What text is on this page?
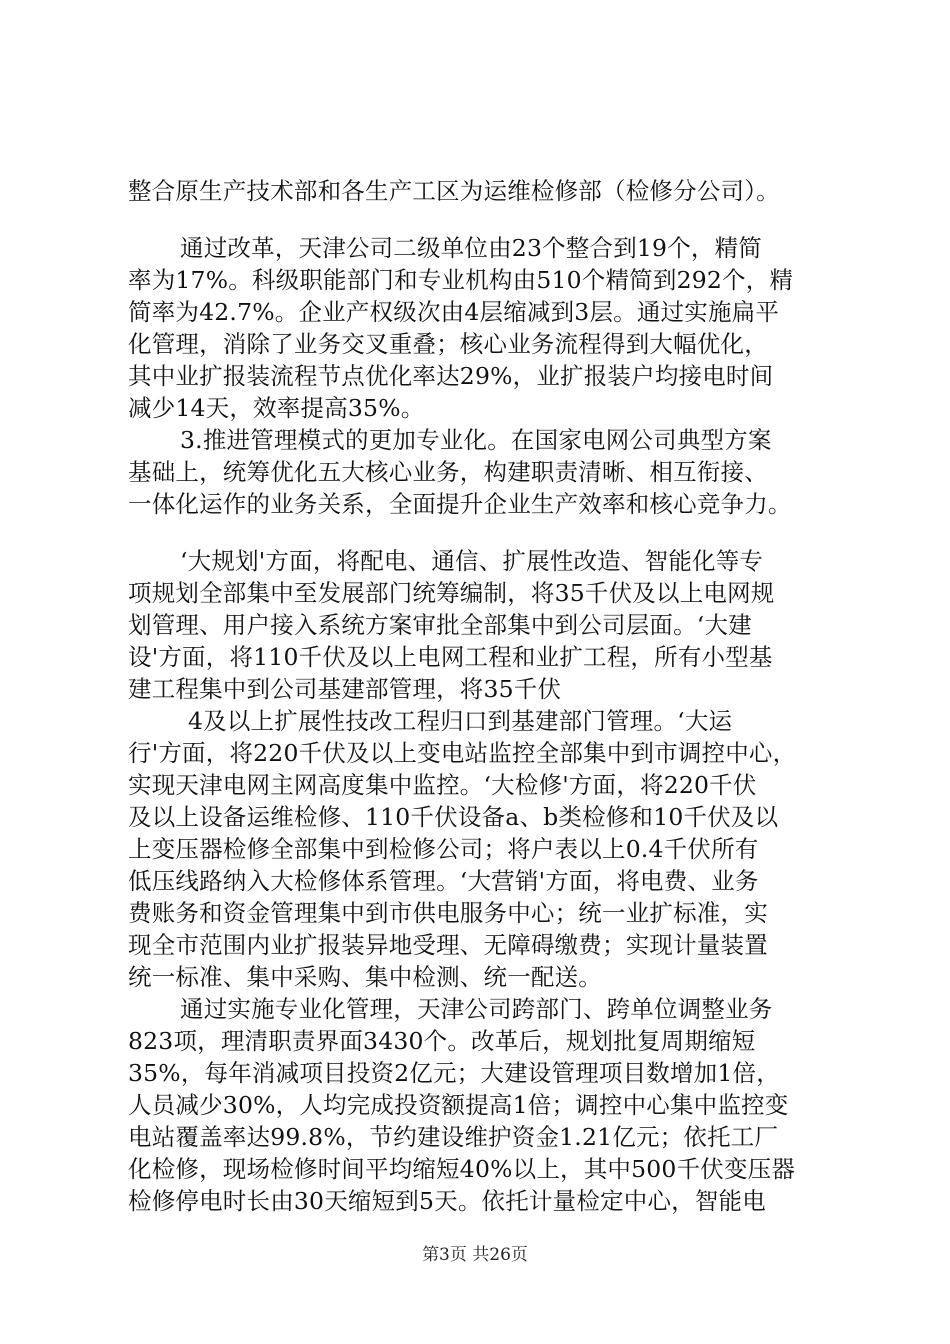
整合原生产技术部和各生产工区为运维检修部（检修分公司）。

通过改革，天津公司二级单位由23个整合到19个，精简

率为17%。科级职能部门和专业机构由510个精简到292个，精

简率为42.7%。企业产权级次由4层缩减到3层。通过实施扁平

化管理，消除了业务交叉重叠；核心业务流程得到大幅优化，

其中业扩报装流程节点优化率达29%，业扩报装户均接电时间

减少14天，效率提高35%。

3.推进管理模式的更加专业化。在国家电网公司典型方案

基础上，统筹优化五大核心业务，构建职责清晰、相互衔接、

一体化运作的业务关系，全面提升企业生产效率和核心竞争力。

‘大规划'方面，将配电、通信、扩展性改造、智能化等专

项规划全部集中至发展部门统筹编制，将35千伏及以上电网规

划管理、用户接入系统方案审批全部集中到公司层面。‘大建

设'方面，将110千伏及以上电网工程和业扩工程，所有小型基

建工程集中到公司基建部管理，将35千伏

4及以上扩展性技改工程归口到基建部门管理。‘大运

行'方面，将220千伏及以上变电站监控全部集中到市调控中心，

实现天津电网主网高度集中监控。‘大检修'方面，将220千伏

及以上设备运维检修、110千伏设备a、b类检修和10千伏及以

上变压器检修全部集中到检修公司；将户表以上0.4千伏所有

低压线路纳入大检修体系管理。‘大营销'方面，将电费、业务

费账务和资金管理集中到市供电服务中心；统一业扩标准，实

现全市范围内业扩报装异地受理、无障碍缴费；实现计量装置

统一标准、集中采购、集中检测、统一配送。

通过实施专业化管理，天津公司跨部门、跨单位调整业务

823项，理清职责界面3430个。改革后，规划批复周期缩短

35%，每年消减项目投资2亿元；大建设管理项目数增加1倍，

人员减少30%，人均完成投资额提高1倍；调控中心集中监控变

电站覆盖率达99.8%，节约建设维护资金1.21亿元；依托工厂

化检修，现场检修时间平均缩短40%以上，其中500千伏变压器

检修停电时长由30天缩短到5天。依托计量检定中心，智能电

第3页 共26页
